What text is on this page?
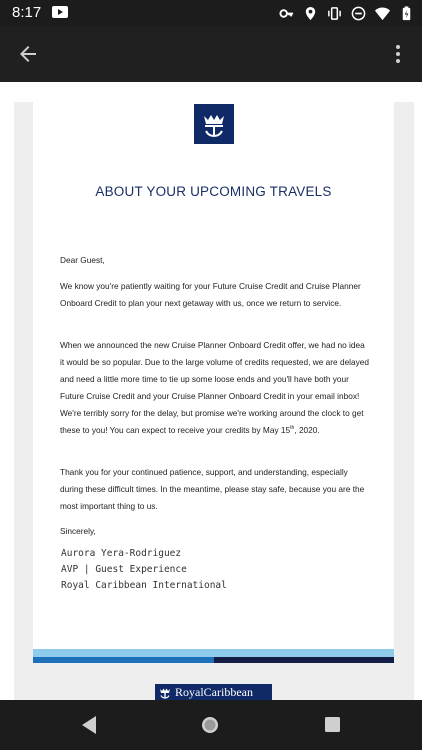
8:17
ABOUT YOUR UPCOMING TRAVELS
Dear Guest,
We know you're patiently waiting for your Future Cruise Credit and Cruise Planner Onboard Credit to plan your next getaway with us, once we return to service.
When we announced the new Cruise Planner Onboard Credit offer, we had no idea it would be so popular. Due to the large volume of credits requested, we are delayed and need a little more time to tie up some loose ends and you'll have both your Future Cruise Credit and your Cruise Planner Onboard Credit in your email inbox! We're terribly sorry for the delay, but promise we're working around the clock to get these to you! You can expect to receive your credits by May 15th, 2020.
Thank you for your continued patience, support, and understanding, especially during these difficult times. In the meantime, please stay safe, because you are the most important thing to us.
Sincerely,
Aurora Yera-Rodriguez
AVP | Guest Experience
Royal Caribbean International
RoyalCaribbean
